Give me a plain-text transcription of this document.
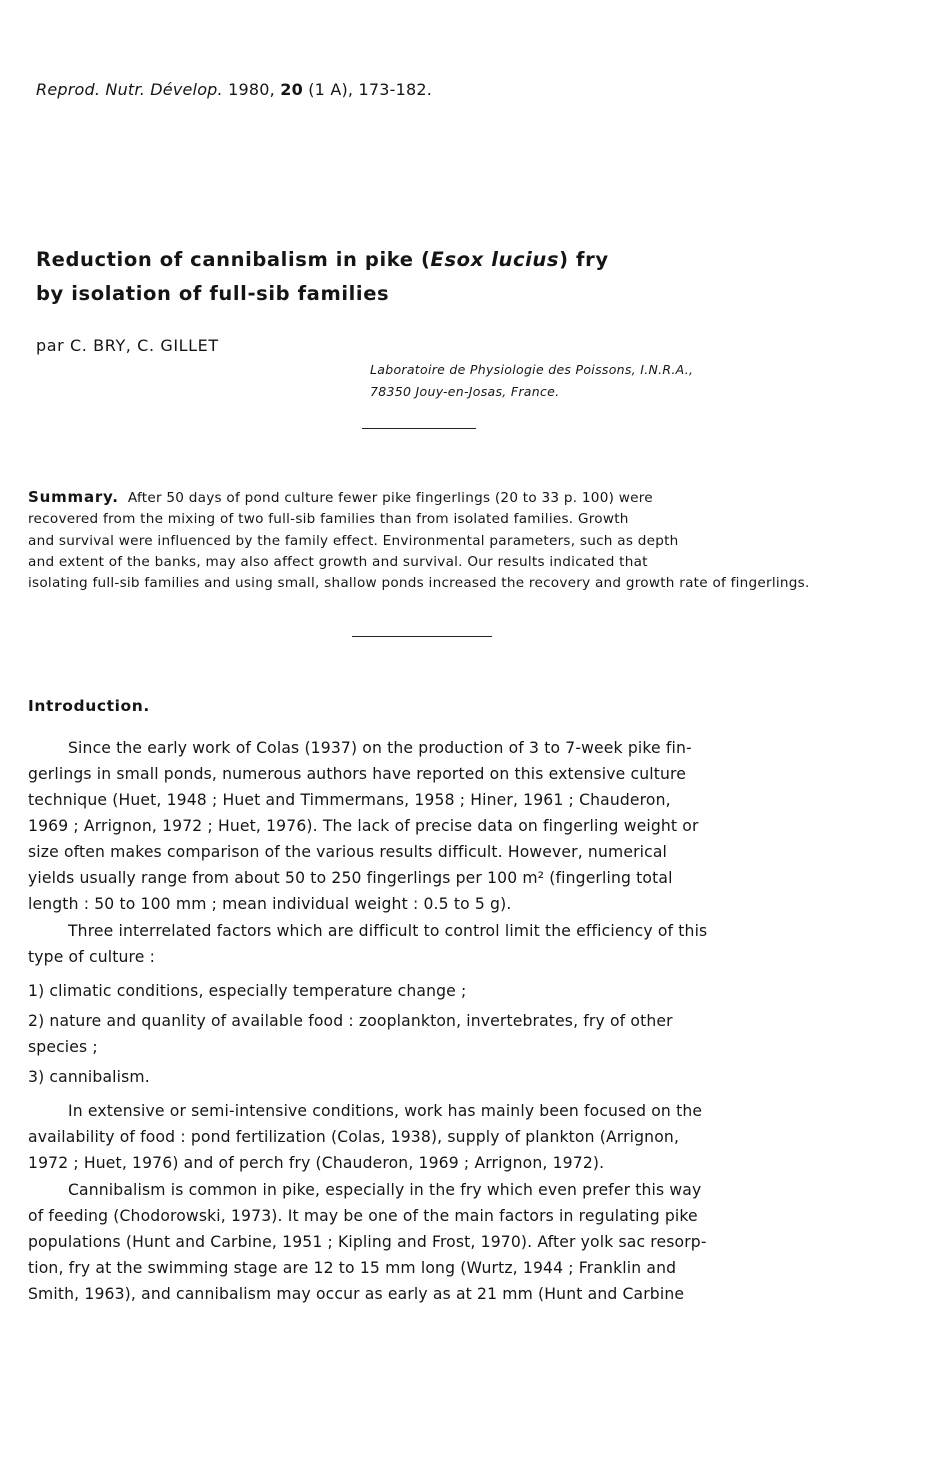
Reprod. Nutr. Dévelop. 1980, 20 (1 A), 173-182.
Reduction of cannibalism in pike (Esox lucius) fry by isolation of full-sib families
par C. BRY, C. GILLET
Laboratoire de Physiologie des Poissons, I.N.R.A.,
78350 Jouy-en-Josas, France.
Summary. After 50 days of pond culture fewer pike fingerlings (20 to 33 p. 100) were recovered from the mixing of two full-sib families than from isolated families. Growth and survival were influenced by the family effect. Environmental parameters, such as depth and extent of the banks, may also affect growth and survival. Our results indicated that isolating full-sib families and using small, shallow ponds increased the recovery and growth rate of fingerlings.
Introduction.
Since the early work of Colas (1937) on the production of 3 to 7-week pike fin-
gerlings in small ponds, numerous authors have reported on this extensive culture
technique (Huet, 1948 ; Huet and Timmermans, 1958 ; Hiner, 1961 ; Chauderon,
1969 ; Arrignon, 1972 ; Huet, 1976). The lack of precise data on fingerling weight or
size often makes comparison of the various results difficult. However, numerical
yields usually range from about 50 to 250 fingerlings per 100 m² (fingerling total
length : 50 to 100 mm ; mean individual weight : 0.5 to 5 g).
Three interrelated factors which are difficult to control limit the efficiency of this
type of culture :
1) climatic conditions, especially temperature change ;
2) nature and quanlity of available food : zooplankton, invertebrates, fry of other
species ;
3) cannibalism.
In extensive or semi-intensive conditions, work has mainly been focused on the
availability of food : pond fertilization (Colas, 1938), supply of plankton (Arrignon,
1972 ; Huet, 1976) and of perch fry (Chauderon, 1969 ; Arrignon, 1972).
Cannibalism is common in pike, especially in the fry which even prefer this way
of feeding (Chodorowski, 1973). It may be one of the main factors in regulating pike
populations (Hunt and Carbine, 1951 ; Kipling and Frost, 1970). After yolk sac resorp-
tion, fry at the swimming stage are 12 to 15 mm long (Wurtz, 1944 ; Franklin and
Smith, 1963), and cannibalism may occur as early as at 21 mm (Hunt and Carbine
